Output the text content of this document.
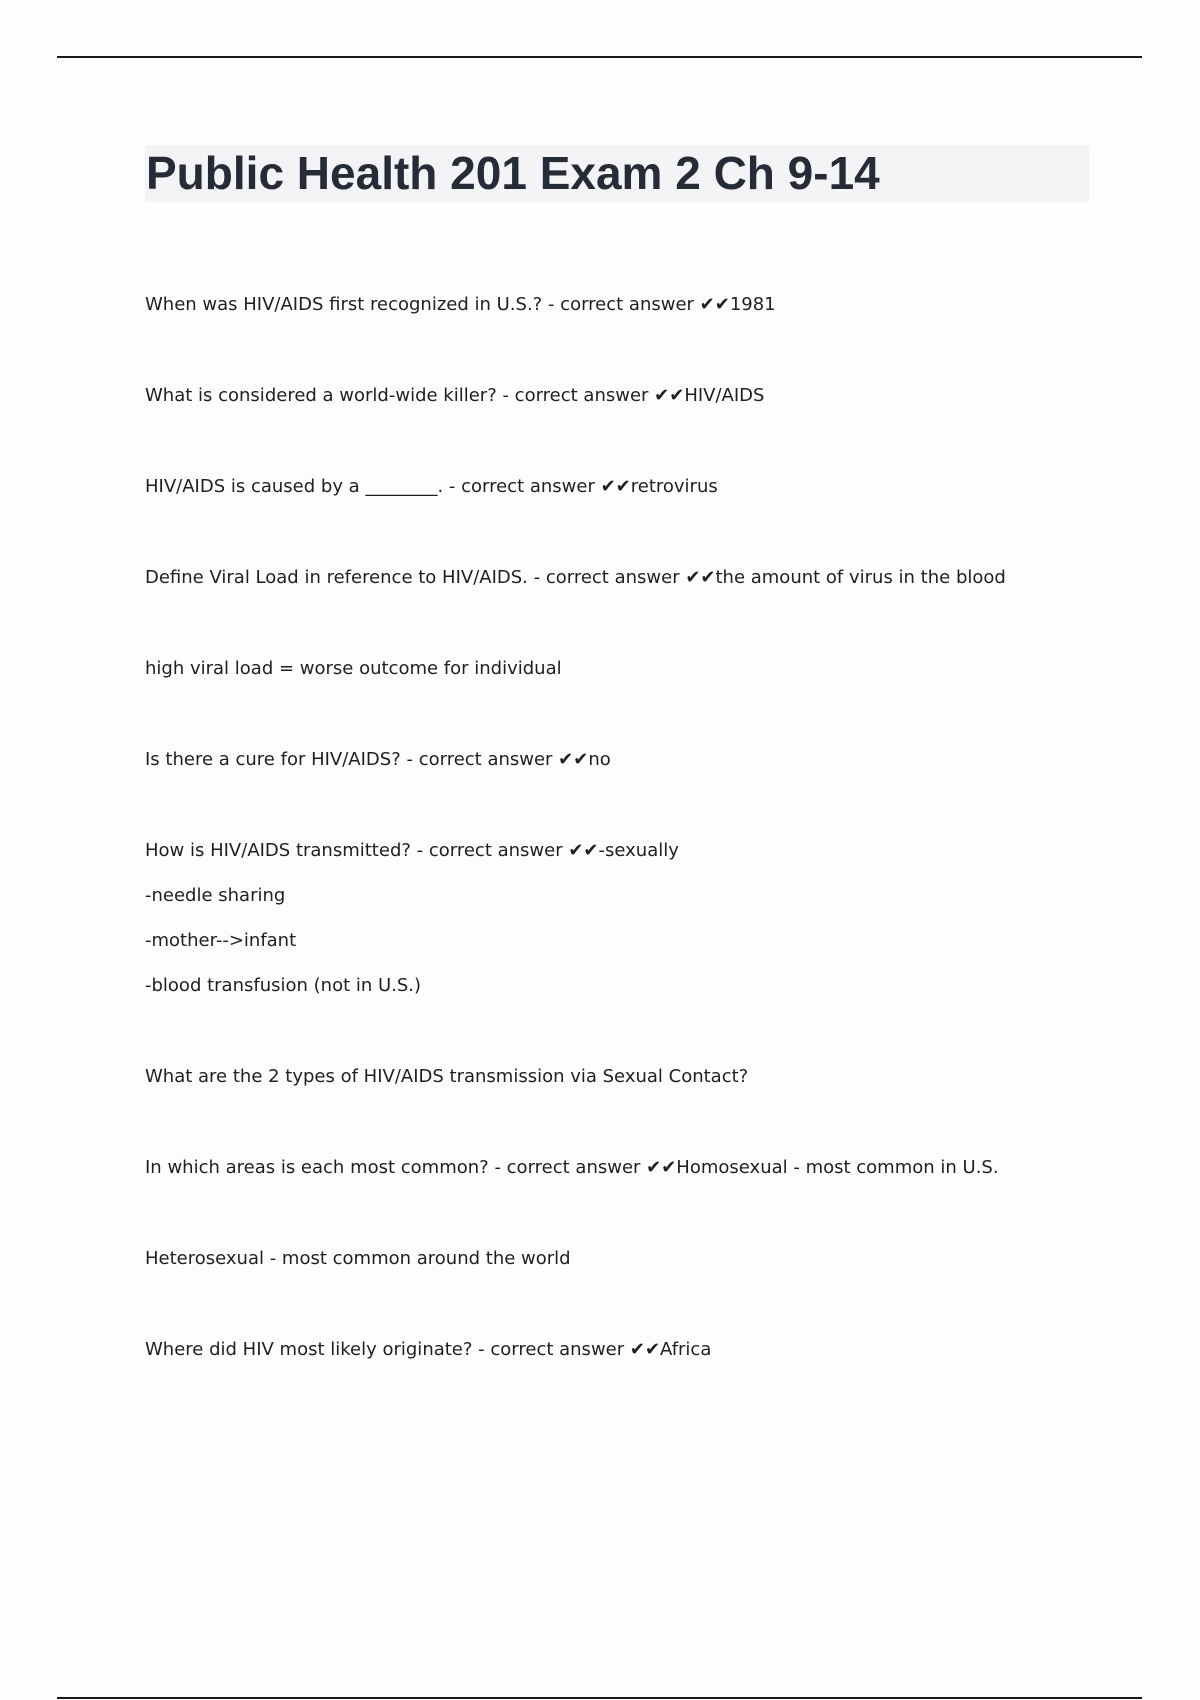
Public Health 201 Exam 2 Ch 9-14

When was HIV/AIDS first recognized in U.S.? - correct answer ✔✔1981

What is considered a world-wide killer? - correct answer ✔✔HIV/AIDS

HIV/AIDS is caused by a ________. - correct answer ✔✔retrovirus

Define Viral Load in reference to HIV/AIDS. - correct answer ✔✔the amount of virus in the blood

high viral load = worse outcome for individual

Is there a cure for HIV/AIDS? - correct answer ✔✔no

How is HIV/AIDS transmitted? - correct answer ✔✔-sexually

-needle sharing

-mother-->infant

-blood transfusion (not in U.S.)

What are the 2 types of HIV/AIDS transmission via Sexual Contact?

In which areas is each most common? - correct answer ✔✔Homosexual - most common in U.S.

Heterosexual - most common around the world

Where did HIV most likely originate? - correct answer ✔✔Africa
